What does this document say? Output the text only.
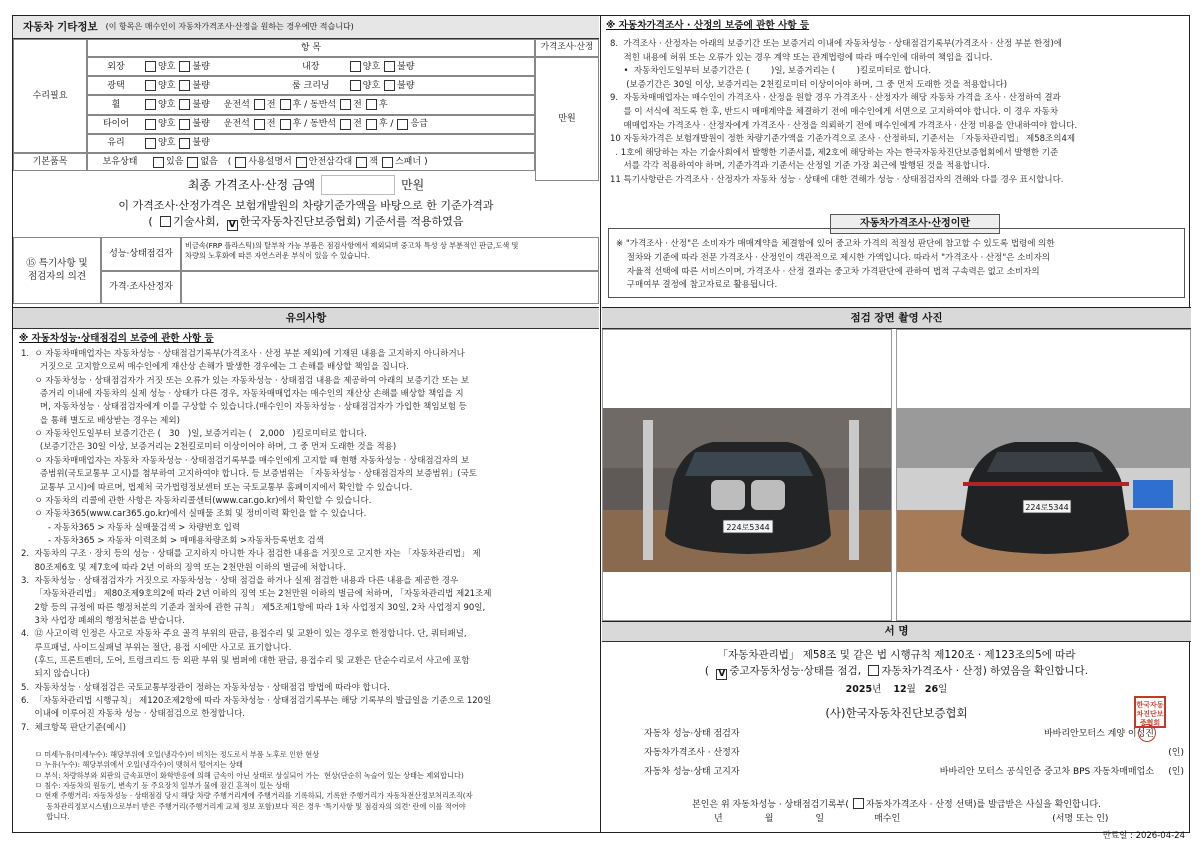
자동차 기타정보 (이 항목은 매수인이 자동차가격조사·산정을 원하는 경우에만 적습니다)
수리필요
항 목	가격조사·산정
만원
외장	양호 불량	내장	양호 불량
광택	양호 불량	룸 크리닝	양호 불량
휠	양호 불량 운전석 전 후 / 동반석 전 후
타이어	양호 불량 운전석 전 후 / 동반석 전 후 / 응급
유리	양호 불량
기본품목	보유상태	있음 없음 ( 사용설명서 안전삼각대 잭 스패너 )
최종 가격조사·산정 금액	만원
이 가격조사·산정가격은 보험개발원의 차량기준가액을 바탕으로 한 기준가격과
( 기술사회, V 한국자동차진단보증협회) 기준서를 적용하였음
⑮ 특기사항 및
점검자의 의견
성능·상태점검자
비금속(FRP 플라스틱)의 탈부착 가능 부품은 점검사항에서 제외되며 중고차 특성 상 부분적인 판금,도색 및
차량의 노후화에 따른 자연스러운 부식이 있을 수 있습니다.
가격·조사산정자
유의사항
※ 자동차성능·상태점검의 보증에 관한 사항 등
1.  ㅇ 자동차매매업자는 자동차성능 · 상태점검기록부(가격조사 · 산정 부분 제외)에 기재된 내용을 고지하지 아니하거나
거짓으로 고지함으로써 매수인에게 재산상 손해가 발생한 경우에는 그 손해를 배상할 책임을 집니다.
ㅇ 자동차성능 · 상태점검자가 거짓 또는 오류가 있는 자동차성능 · 상태점검 내용을 제공하여 아래의 보증기간 또는 보
증거리 이내에 자동차의 실제 성능 · 상태가 다른 경우, 자동차매매업자는 매수인의 재산상 손해를 배상할 책임을 지
며, 자동차성능 · 상태점검자에게 이를 구상할 수 있습니다.(매수인이 자동차성능 · 상태점검자가 가입한 책임보험 등
을 통해 별도로 배상받는 경우는 제외)
ㅇ 자동차인도일부터 보증기간은 (   30   )일, 보증거리는 (   2,000   )킬로미터로 합니다.
(보증기간은 30일 이상, 보증거리는 2천킬로미터 이상이어야 하며, 그 중 먼저 도래한 것을 적용)
ㅇ 자동차매매업자는 자동차 자동차성능 · 상태점검기록부를 매수인에게 고지할 때 현행 자동차성능 · 상태점검자의 보
증범위(국토교통부 고시)를 첨부하여 고지하여야 합니다. 등 보증범위는 「자동차성능 · 상태점검자의 보증범위」(국토
교통부 고시)에 따르며, 법제처 국가법령정보센터 또는 국토교통부 홈페이지에서 확인할 수 있습니다.
ㅇ 자동차의 리콜에 관한 사항은 자동차리콜센터(www.car.go.kr)에서 확인할 수 있습니다.
ㅇ 자동차365(www.car365.go.kr)에서 실매물 조회 및 정비이력 확인을 할 수 있습니다.
- 자동차365 > 자동차 실매물검색 > 차량번호 입력
- 자동차365 > 자동차 이력조회 > 매매용차량조회 >자동차등록번호 검색
2.  자동차의 구조 · 장치 등의 성능 · 상태를 고지하지 아니한 자나 점검한 내용을 거짓으로 고지한 자는 「자동차관리법」 제
80조제6호 및 제7호에 따라 2년 이하의 징역 또는 2천만원 이하의 벌금에 처합니다.
3.  자동차성능 · 상태점검자가 거짓으로 자동차성능 · 상태 점검을 하거나 실제 점검한 내용과 다른 내용을 제공한 경우
「자동차관리법」 제80조제9호의2에 따라 2년 이하의 징역 또는 2천만원 이하의 벌금에 처하며, 「자동차관리법 제21조제
2항 등의 규정에 따른 행정처분의 기준과 절차에 관한 규칙」 제5조제1항에 따라 1차 사업정지 30일, 2차 사업정지 90일,
3차 사업장 폐쇄의 행정처분을 받습니다.
4.  ⑫ 사고이력 인정은 사고로 자동차 주요 골격 부위의 판금, 용접수리 및 교환이 있는 경우로 한정합니다. 단, 쿼터패널,
루프패널, 사이드실패널 부위는 절단, 용접 시에만 사고로 표기합니다.
(후드, 프론트펜더, 도어, 트렁크리드 등 외판 부위 및 범퍼에 대한 판금, 용접수리 및 교환은 단순수리로서 사고에 포함
되지 않습니다)
5.  자동차성능 · 상태점검은 국토교통부장관이 정하는 자동차성능 · 상태점검 방법에 따라야 합니다.
6.  「자동차관리법 시행규칙」 제120조제2항에 따라 자동차성능 · 상태점검기록부는 해당 기록부의 발급일을 기준으로 120일
이내에 이루어진 자동차 성능 · 상태점검으로 한정합니다.
7.  체크항목 판단기준(예시)
ㅁ 미세누유(미세누수): 해당부위에 오일(냉각수)이 비치는 정도로서 부품 노후로 인한 현상
ㅁ 누유(누수): 해당부위에서 오일(냉각수)이 맺혀서 떨어지는 상태
ㅁ 부식: 차량하부와 외판의 금속표면이 화학반응에 의해 금속이 아닌 상태로 상실되어 가는  현상(단순히 녹슬어 있는 상태는 제외합니다)
ㅁ 침수: 자동차의 원동기, 변속기 등 주요장치 일부가 물에 잠긴 흔적이 있는 상태
ㅁ 현재 주행거리: 자동차성능 · 상태점검 당시 해당 차량 주행거리계에 주행거리를 기록하되, 기록한 주행거리가 자동차전산정보처리조직(자
동차관리정보시스템)으로부터 받은 주행거리(주행거리계 교체 정보 포함)보다 적은 경우 '특기사항 및 점검자의 의견' 란에 이를 적어야
합니다.
※ 자동차가격조사 · 산정의 보증에 관한 사항 등
8.  가격조사 · 산정자는 아래의 보증기간 또는 보증거리 이내에 자동차성능 · 상태점검기록부(가격조사 · 산정 부분 한정)에
적힌 내용에 허위 또는 오류가 있는 경우 계약 또는 관계법령에 따라 매수인에 대하여 책임을 집니다.
•  자동차인도일부터 보증기간은 (        )일, 보증거리는 (        )킬로미터로 합니다.
(보증기간은 30일 이상, 보증거리는 2천킬로미터 이상이어야 하며, 그 중 먼저 도래한 것을 적용합니다)
9.  자동차매매업자는 매수인이 가격조사 · 산정을 원할 경우 가격조사 · 산정자가 해당 자동차 가격을 조사 · 산정하여 결과
를 이 서식에 적도록 한 후, 반드시 매매계약을 체결하기 전에 매수인에게 서면으로 고지하여야 합니다. 이 경우 자동차
매매업자는 가격조사 · 산정자에게 가격조사 · 산정을 의뢰하기 전에 매수인에게 가격조사 · 산정 비용을 안내하여야 합니다.
10 자동차가격은 보험개발원이 정한 차량기준가액을 기준가격으로 조사 · 산정하되, 기준서는 「자동차관리법」 제58조의4제
. 1호에 해당하는 자는 기술사회에서 발행한 기준서를, 제2호에 해당하는 자는 한국자동차진단보증협회에서 발행한 기준
서를 각각 적용하여야 하며, 기준가격과 기준서는 산정일 기준 가장 최근에 발행된 것을 적용합니다.
11 특기사항란은 가격조사 · 산정자가 자동차 성능 · 상태에 대한 견해가 성능 · 상태점검자의 견해와 다를 경우 표시합니다.
자동차가격조사·산정이란
※ "가격조사 · 산정"은 소비자가 매매계약을 체결함에 있어 중고차 가격의 적절성 판단에 참고할 수 있도록 법령에 의한
절차와 기준에 따라 전문 가격조사 · 산정인이 객관적으로 제시한 가액입니다. 따라서 "가격조사 · 산정"은 소비자의
자율적 선택에 따른 서비스이며, 가격조사 · 산정 결과는 중고차 가격판단에 관하여 법적 구속력은 없고 소비자의
구매여부 결정에 참고자료로 활용됩니다.
점검 장면 촬영 사진
224로5344
224로5344
서 명
「자동차관리법」 제58조 및 같은 법 시행규칙 제120조 · 제123조의5에 따라
( V 중고자동차성능·상태를 점검, 자동차가격조사 · 산정) 하였음을 확인합니다.
2025년 12월 26일
(사)한국자동차진단보증협회
한국자동차진단보증협회
자동차 성능·상태 점검자	바바리안모터스 계양 이성진
자동차가격조사 · 산정자	(인)
자동차 성능·상태 고지자	바바리안 모터스 공식인증 중고차 BPS 자동차매매업소	(인)
본인은 위 자동차성능 · 상태점검기록부( 자동차가격조사 · 산정 선택)를 발급받은 사실을 확인합니다.
년	월	일	매수인	(서명 또는 인)
만료일 : 2026-04-24
